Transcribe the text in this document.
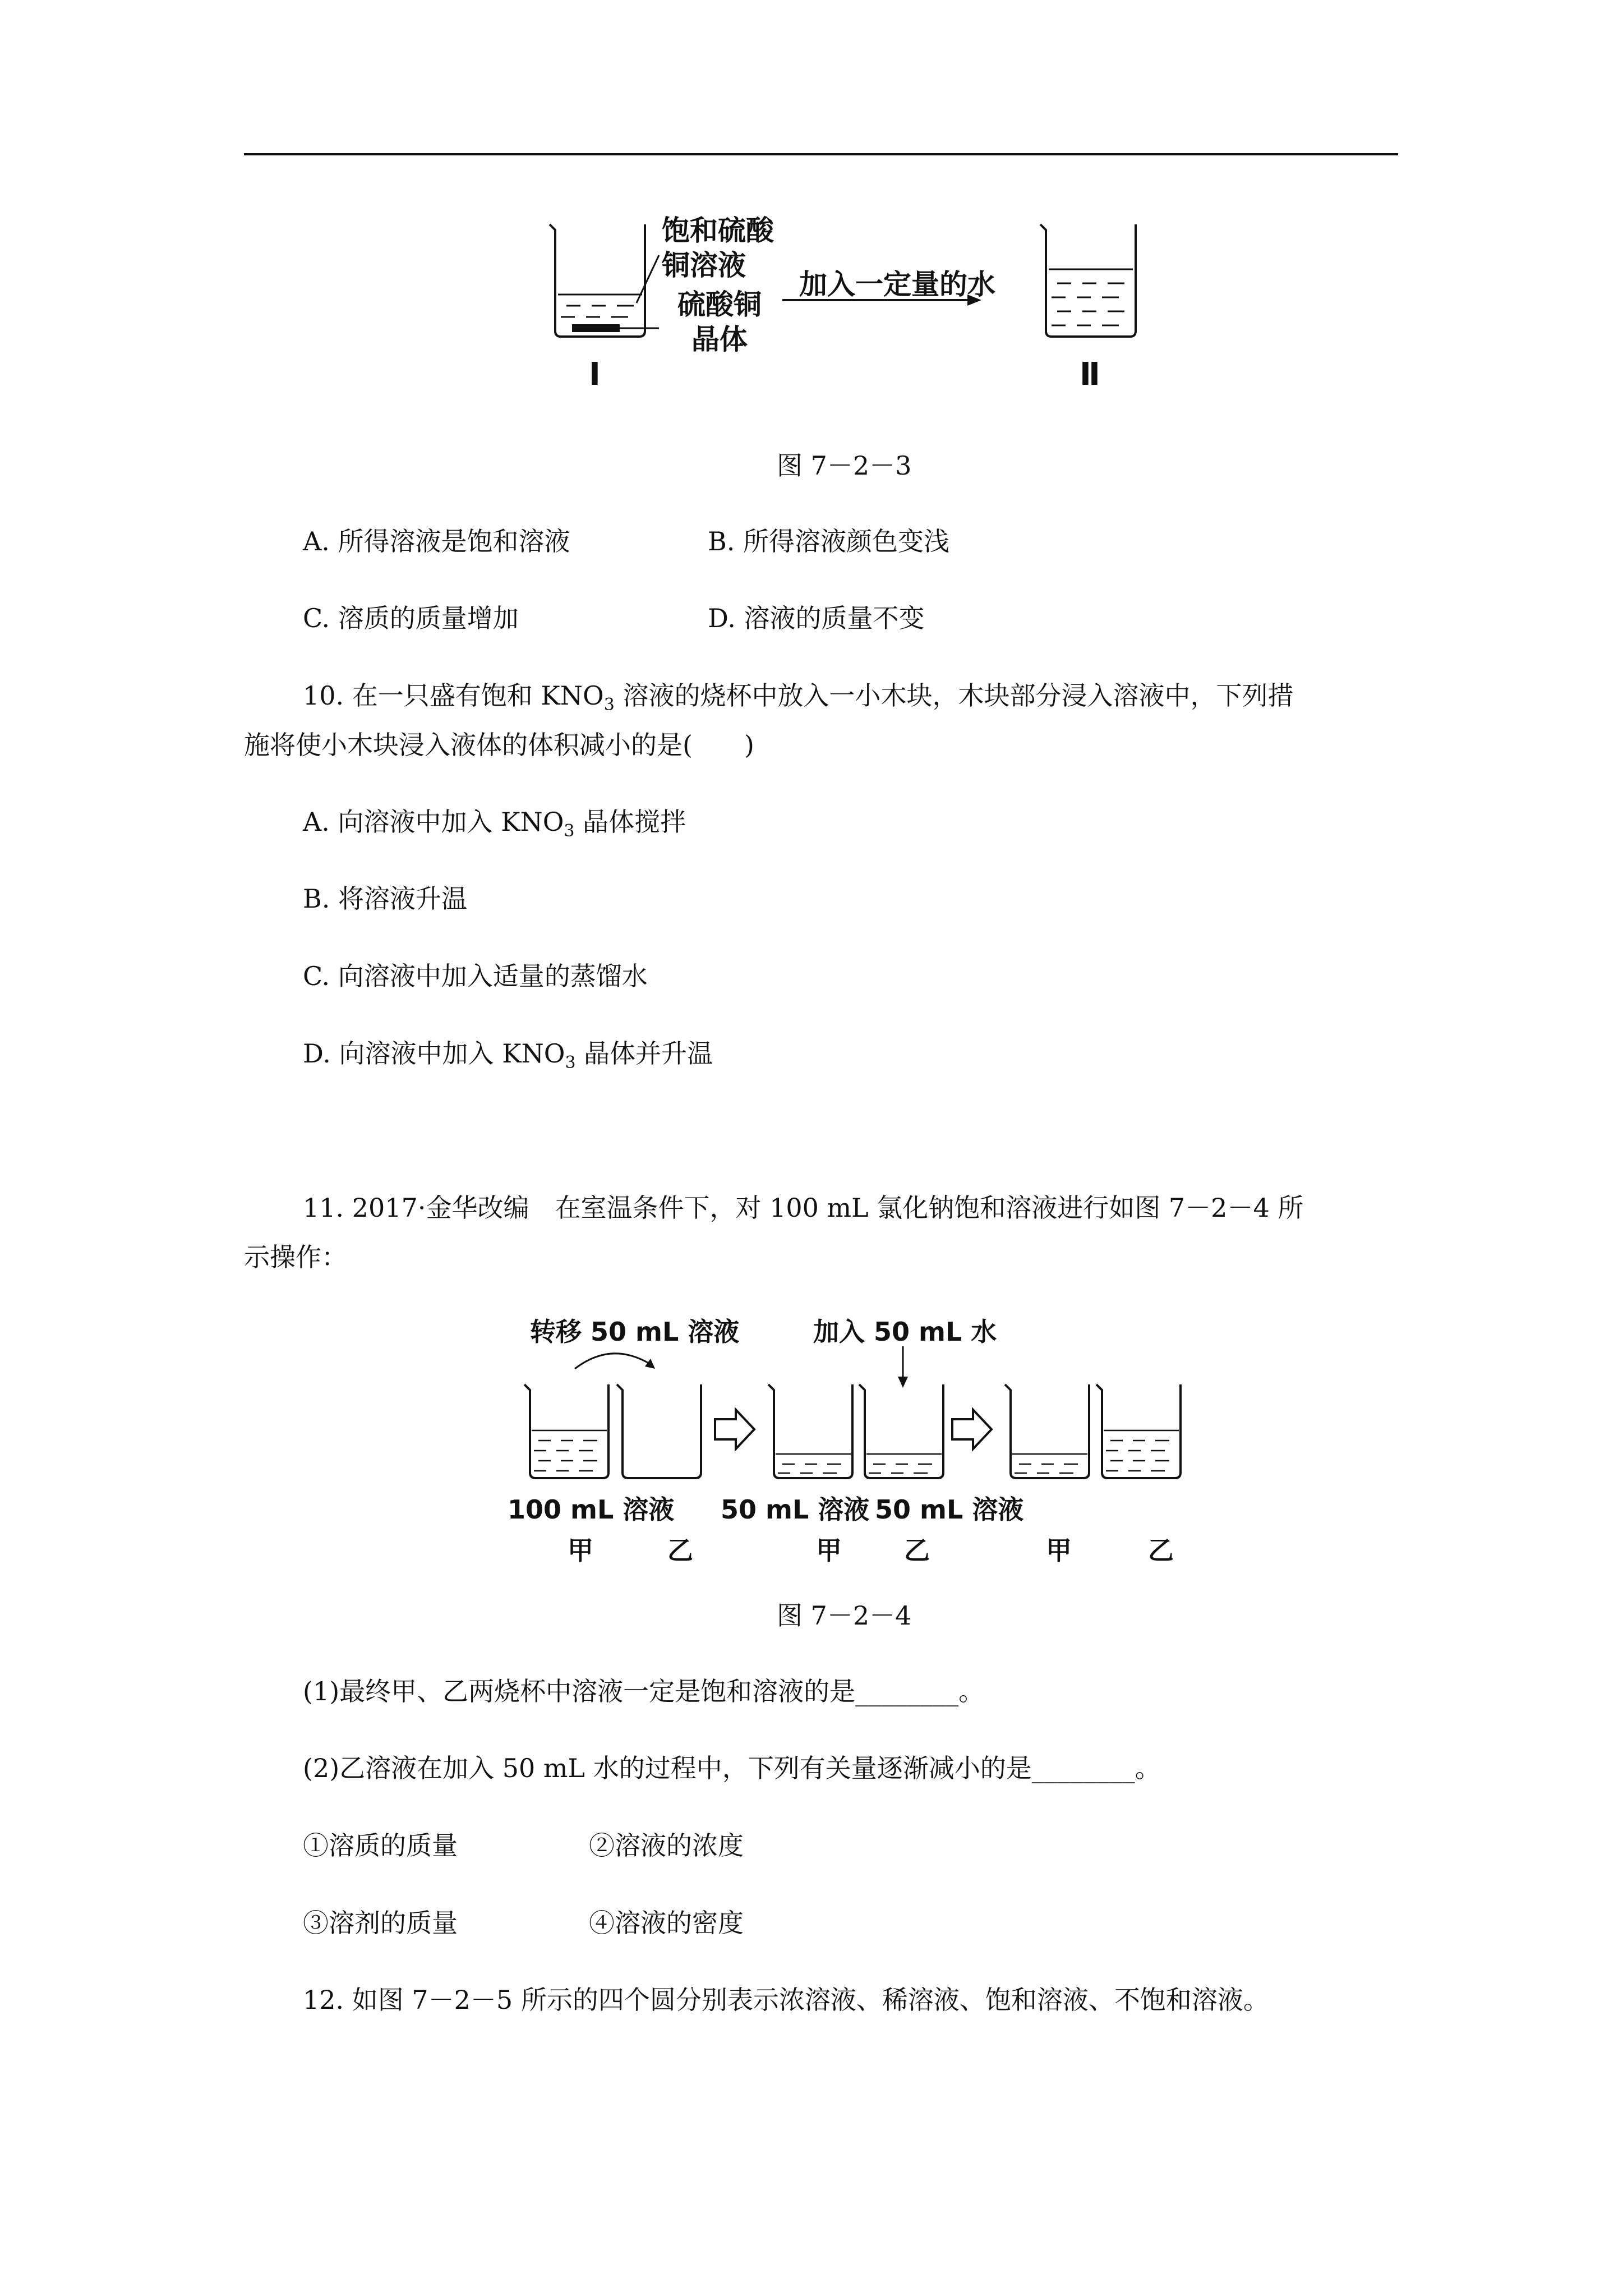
饱和硫酸
铜溶液
硫酸铜
晶体
加入一定量的水
Ⅰ	Ⅱ
图 7－2－3
A. 所得溶液是饱和溶液	B. 所得溶液颜色变浅
C. 溶质的质量增加	D. 溶液的质量不变
10. 在一只盛有饱和 $KNO_3$ 溶液的烧杯中放入一小木块，木块部分浸入溶液中，下列措
施将使小木块浸入液体的体积减小的是(　　)
A. 向溶液中加入 $KNO_3$ 晶体搅拌
B. 将溶液升温
C. 向溶液中加入适量的蒸馏水
D. 向溶液中加入 $KNO_3$ 晶体并升温
11. 2017·金华改编　在室温条件下，对 100 mL 氯化钠饱和溶液进行如图 7－2－4 所
示操作：
转移 50 mL 溶液	加入 50 mL 水
100 mL 溶液 50 mL 溶液 50 mL 溶液
甲	乙	甲 乙	甲	乙
图 7－2－4
(1)最终甲、乙两烧杯中溶液一定是饱和溶液的是________。
(2)乙溶液在加入 50 mL 水的过程中，下列有关量逐渐减小的是________。
①溶质的质量	②溶液的浓度
③溶剂的质量	④溶液的密度
12. 如图 7－2－5 所示的四个圆分别表示浓溶液、稀溶液、饱和溶液、不饱和溶液。
